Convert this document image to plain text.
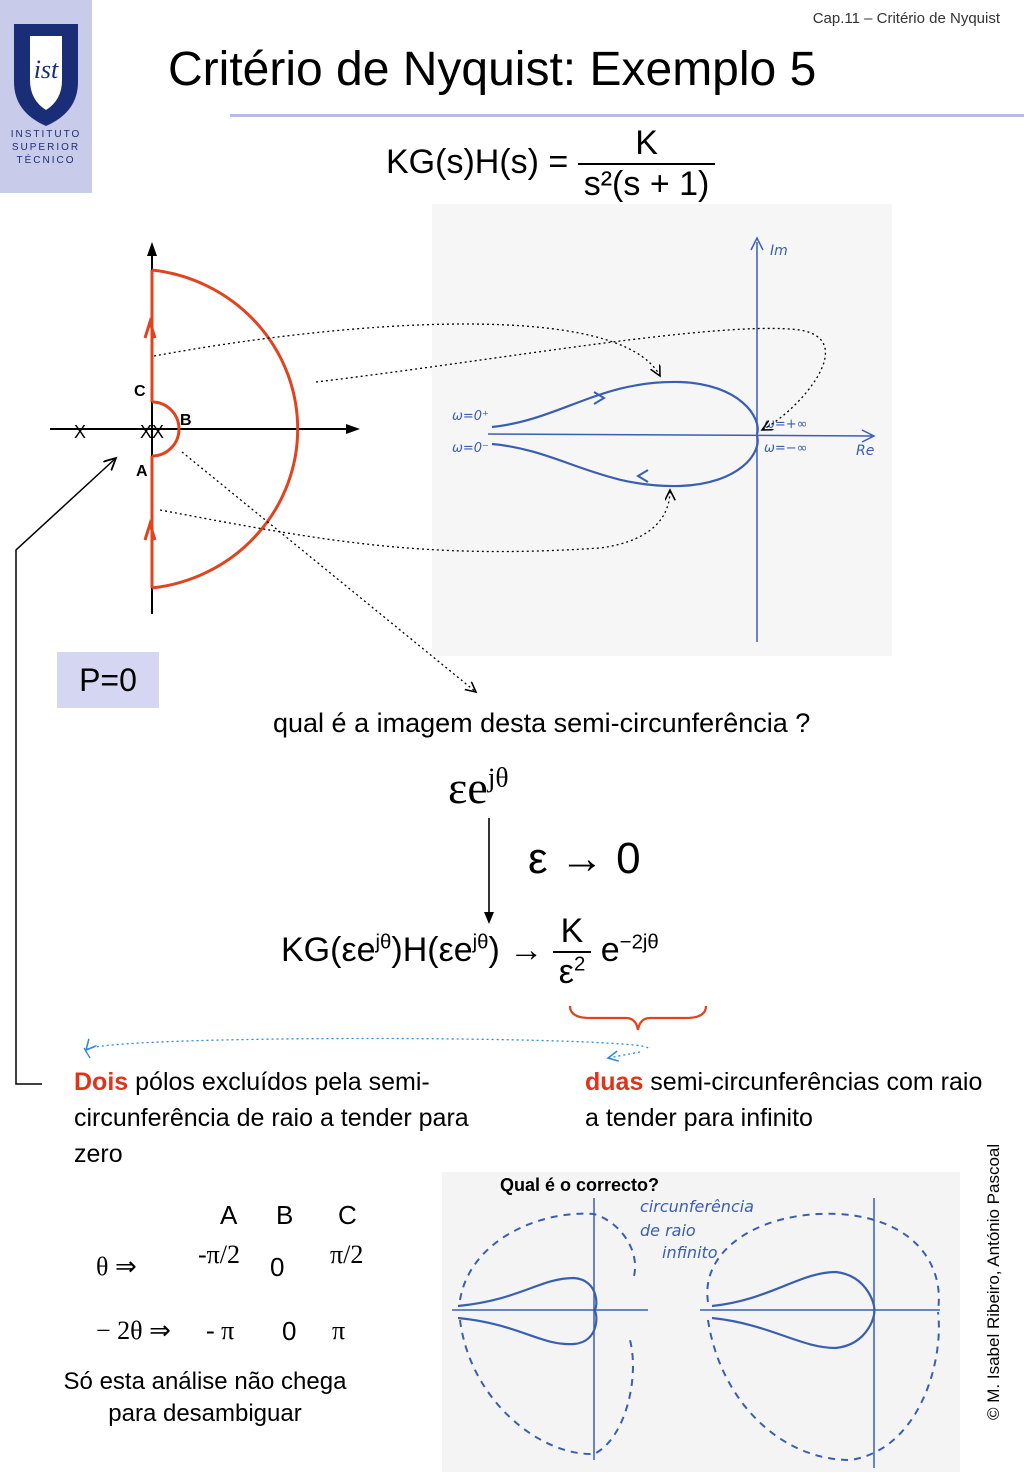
ist
INSTITUTO
SUPERIOR
TÉCNICO
Cap.11 – Critério de Nyquist
Critério de Nyquist: Exemplo 5
$KG(s)H(s) = \frac{K}{\text{s²(s + 1)}}$
C
B
A
X	XX
Im
Re
ω=0⁺
ω=0⁻
ω=+∞
ω=−∞
circunferência
de raio
infinito
P=0
qual é a imagem desta semi-circunferência ?
$\varepsilon e^{j\theta}$
ε → 0
$KG(\varepsilon e^{j\theta})H(\varepsilon e^{j\theta}) \to \frac{K}{\varepsilon^2} e^{-2j\theta}$
Dois pólos excluídos pela semi-circunferência de raio a tender para zero
duas semi-circunferências com raio a tender para infinito
A B C
θ ⇒ -π/2 0 π/2
− 2θ ⇒ - π 0 π
Só esta análise não chega para desambiguar
Qual é o correcto?	© M. Isabel Ribeiro, António Pascoal
